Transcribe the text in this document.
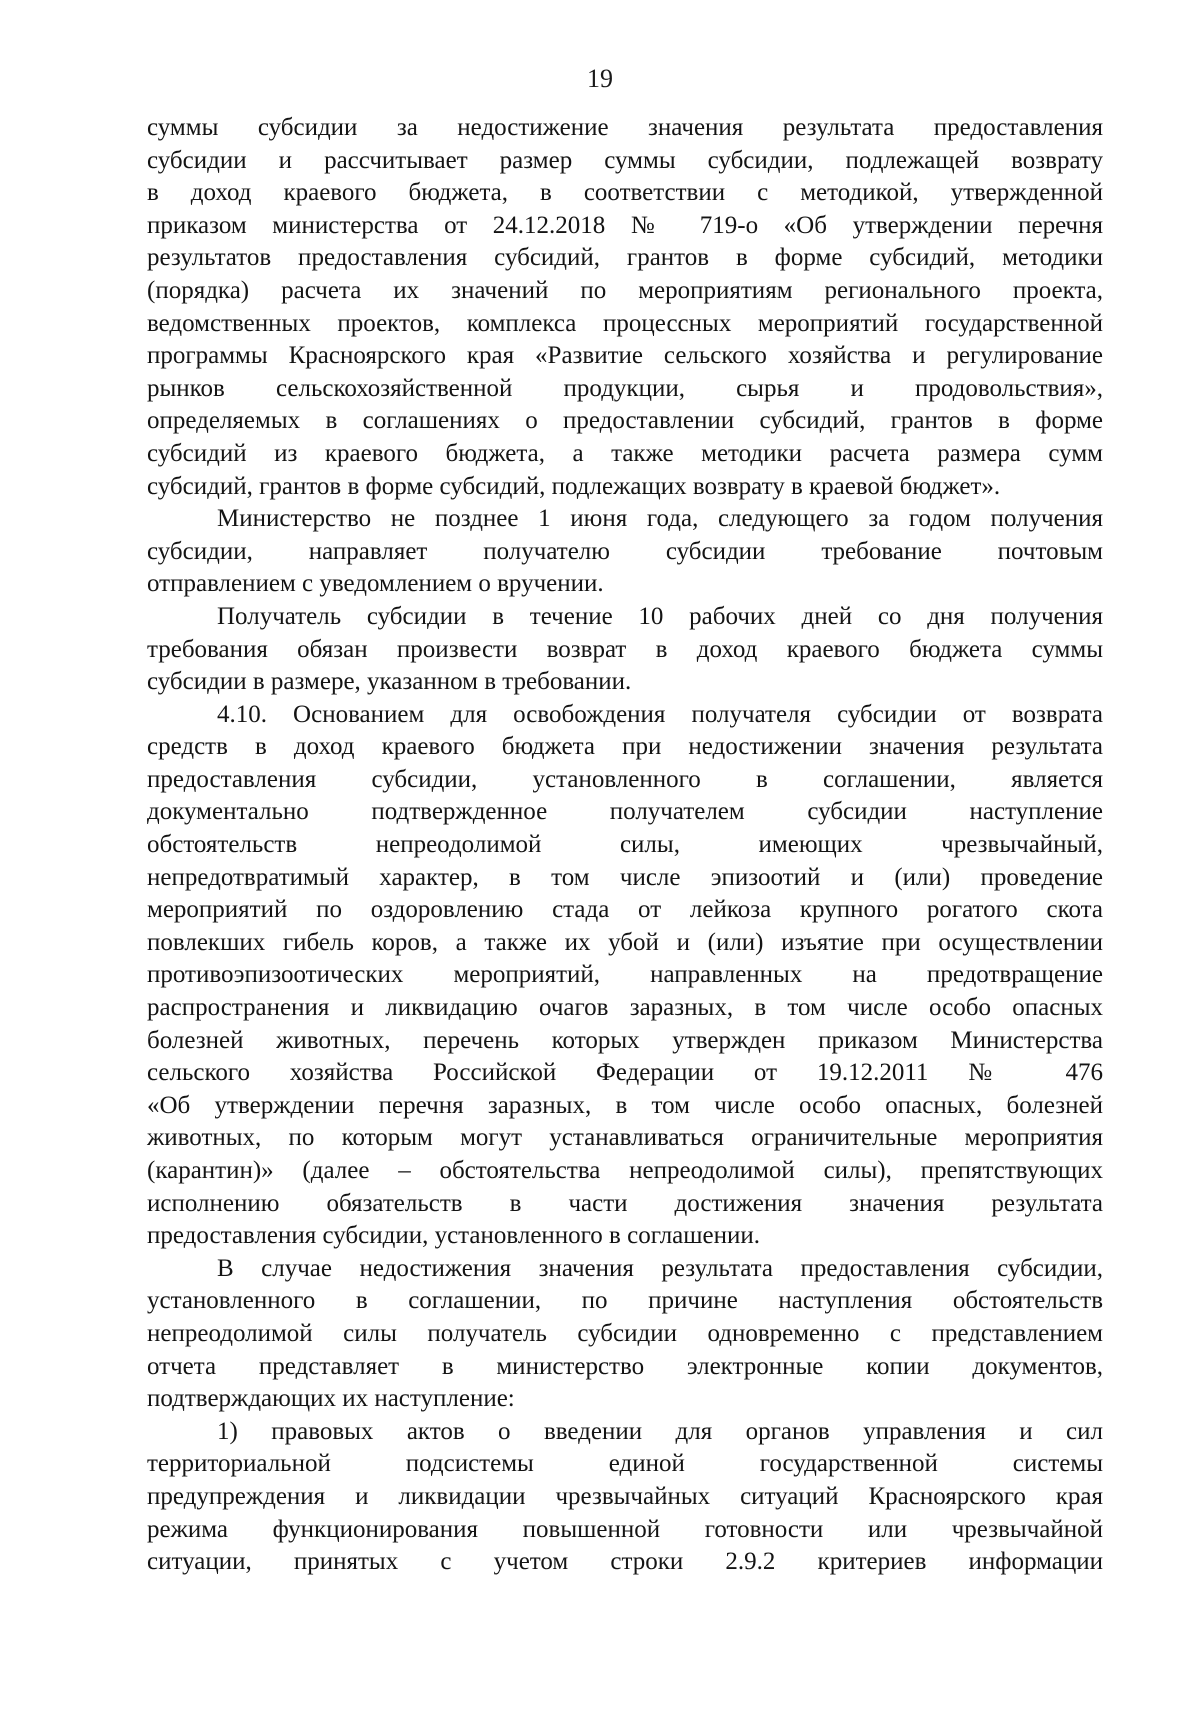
19
суммы субсидии за недостижение значения результата предоставления
субсидии и рассчитывает размер суммы субсидии, подлежащей возврату
в доход краевого бюджета, в соответствии с методикой, утвержденной
приказом министерства от 24.12.2018 № 719-о «Об утверждении перечня
результатов предоставления субсидий, грантов в форме субсидий, методики
(порядка) расчета их значений по мероприятиям регионального проекта,
ведомственных проектов, комплекса процессных мероприятий государственной
программы Красноярского края «Развитие сельского хозяйства и регулирование
рынков сельскохозяйственной продукции, сырья и продовольствия»,
определяемых в соглашениях о предоставлении субсидий, грантов в форме
субсидий из краевого бюджета, а также методики расчета размера сумм
субсидий, грантов в форме субсидий, подлежащих возврату в краевой бюджет».
Министерство не позднее 1 июня года, следующего за годом получения
субсидии, направляет получателю субсидии требование почтовым
отправлением с уведомлением о вручении.
Получатель субсидии в течение 10 рабочих дней со дня получения
требования обязан произвести возврат в доход краевого бюджета суммы
субсидии в размере, указанном в требовании.
4.10. Основанием для освобождения получателя субсидии от возврата
средств в доход краевого бюджета при недостижении значения результата
предоставления субсидии, установленного в соглашении, является
документально подтвержденное получателем субсидии наступление
обстоятельств непреодолимой силы, имеющих чрезвычайный,
непредотвратимый характер, в том числе эпизоотий и (или) проведение
мероприятий по оздоровлению стада от лейкоза крупного рогатого скота
повлекших гибель коров, а также их убой и (или) изъятие при осуществлении
противоэпизоотических мероприятий, направленных на предотвращение
распространения и ликвидацию очагов заразных, в том числе особо опасных
болезней животных, перечень которых утвержден приказом Министерства
сельского хозяйства Российской Федерации от 19.12.2011 № 476
«Об утверждении перечня заразных, в том числе особо опасных, болезней
животных, по которым могут устанавливаться ограничительные мероприятия
(карантин)» (далее – обстоятельства непреодолимой силы), препятствующих
исполнению обязательств в части достижения значения результата
предоставления субсидии, установленного в соглашении.
В случае недостижения значения результата предоставления субсидии,
установленного в соглашении, по причине наступления обстоятельств
непреодолимой силы получатель субсидии одновременно с представлением
отчета представляет в министерство электронные копии документов,
подтверждающих их наступление:
1) правовых актов о введении для органов управления и сил
территориальной подсистемы единой государственной системы
предупреждения и ликвидации чрезвычайных ситуаций Красноярского края
режима функционирования повышенной готовности или чрезвычайной
ситуации, принятых с учетом строки 2.9.2 критериев информации
